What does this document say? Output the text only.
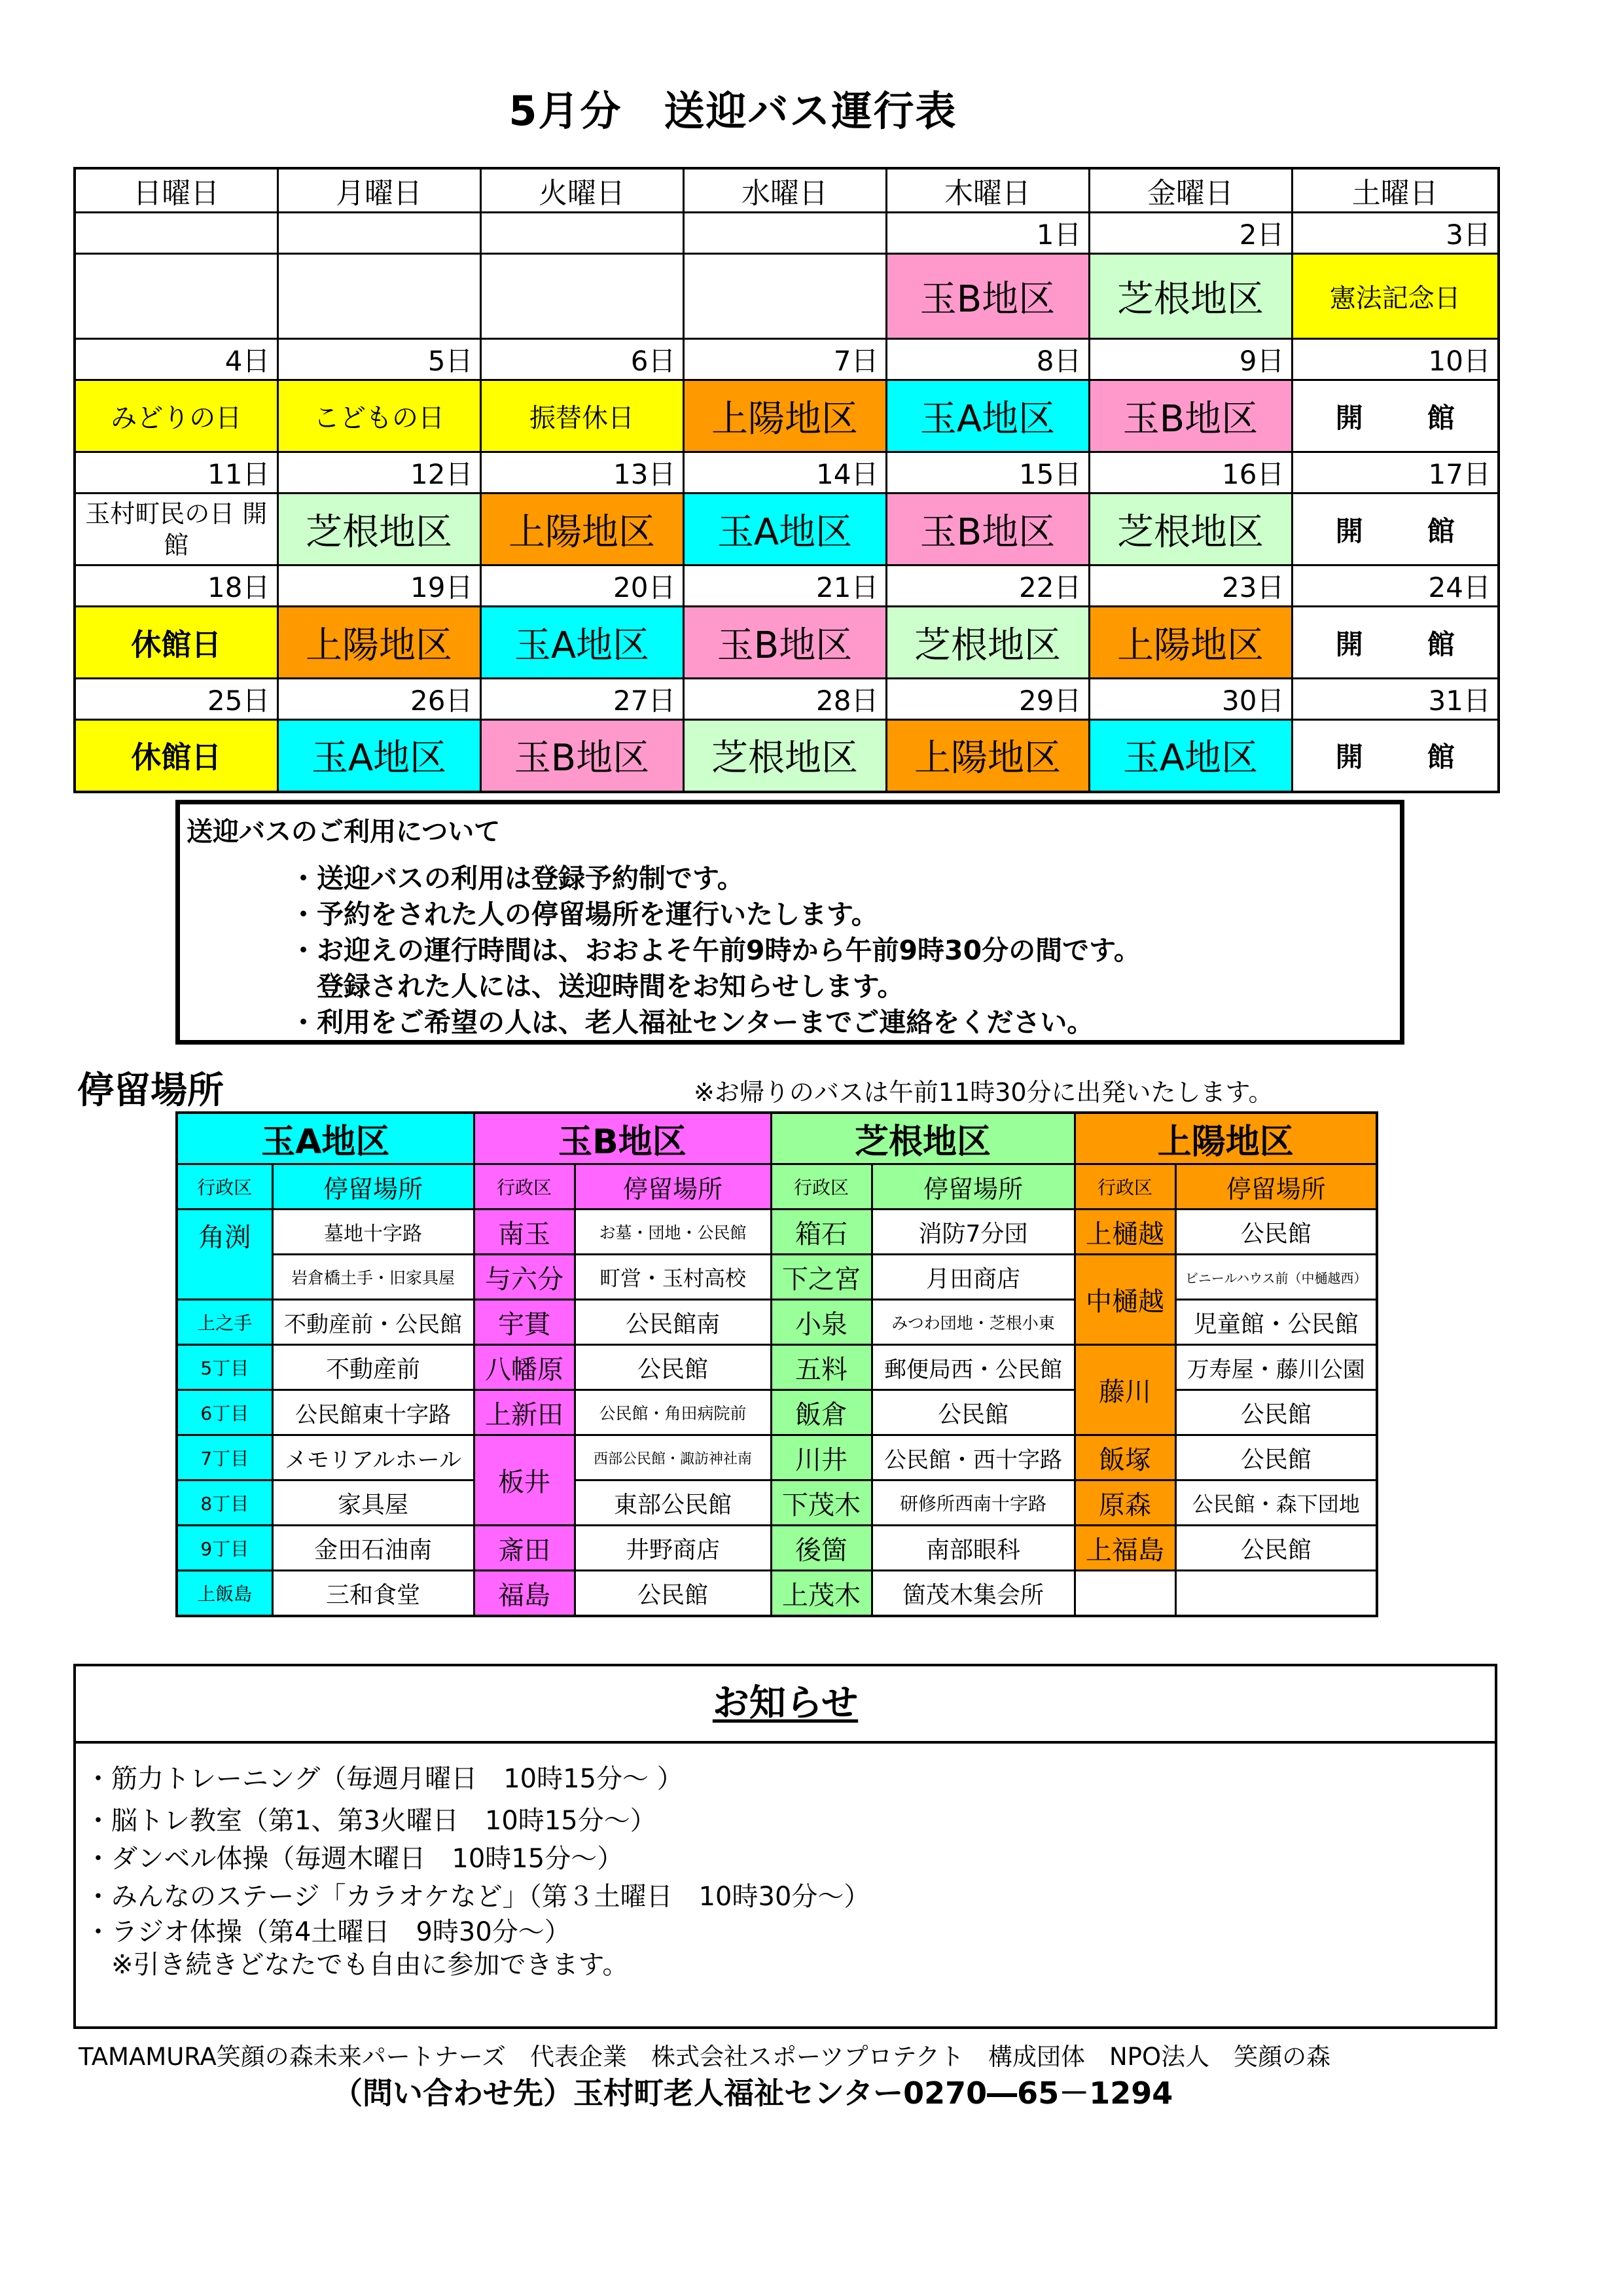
5月分　送迎バス運行表
日曜日	月曜日	火曜日	水曜日	木曜日	金曜日	土曜日
				1日	2日	3日
				玉B地区	芝根地区	憲法記念日
4日	5日	6日	7日	8日	9日	10日
みどりの日	こどもの日	振替休日	上陽地区	玉A地区	玉B地区	開　館
11日	12日	13日	14日	15日	16日	17日
玉村町民の日 開館	芝根地区	上陽地区	玉A地区	玉B地区	芝根地区	開　館
18日	19日	20日	21日	22日	23日	24日
休館日	上陽地区	玉A地区	玉B地区	芝根地区	上陽地区	開　館
25日	26日	27日	28日	29日	30日	31日
休館日	玉A地区	玉B地区	芝根地区	上陽地区	玉A地区	開　館
送迎バスのご利用について
・送迎バスの利用は登録予約制です。
・予約をされた人の停留場所を運行いたします。
・お迎えの運行時間は、おおよそ午前9時から午前9時30分の間です。
　登録された人には、送迎時間をお知らせします。
・利用をご希望の人は、老人福祉センターまでご連絡をください。
停留場所	※お帰りのバスは午前11時30分に出発いたします。
玉A地区		玉B地区		芝根地区		上陽地区	
行政区	停留場所	行政区	停留場所	行政区	停留場所	行政区	停留場所
角渕	墓地十字路	南玉	お墓・団地・公民館	箱石	消防7分団	上樋越	公民館
	岩倉橋土手・旧家具屋	与六分	町営・玉村高校	下之宮	月田商店	中樋越	ビニールハウス前（中樋越西）
上之手	不動産前・公民館	宇貫	公民館南	小泉	みつわ団地・芝根小東		児童館・公民館
5丁目	不動産前	八幡原	公民館	五料	郵便局西・公民館	藤川	万寿屋・藤川公園
6丁目	公民館東十字路	上新田	公民館・角田病院前	飯倉	公民館		公民館
7丁目	メモリアルホール	板井	西部公民館・諏訪神社南	川井	公民館・西十字路	飯塚	公民館
8丁目	家具屋		東部公民館	下茂木	研修所西南十字路	原森	公民館・森下団地
9丁目	金田石油南	斎田	井野商店	後箇	南部眼科	上福島	公民館
上飯島	三和食堂	福島	公民館	上茂木	箇茂木集会所		
お知らせ
・筋力トレーニング（毎週月曜日　10時15分～ ）
・脳トレ教室（第1、第3火曜日　10時15分～）
・ダンベル体操（毎週木曜日　10時15分～）
・みんなのステージ「カラオケなど」（第３土曜日　10時30分～）
・ラジオ体操（第4土曜日　9時30分～）
　※引き続きどなたでも自由に参加できます。
TAMAMURA笑顔の森未来パートナーズ　代表企業　株式会社スポーツプロテクト　構成団体　NPO法人　笑顔の森
（問い合わせ先）玉村町老人福祉センター0270―65－1294
